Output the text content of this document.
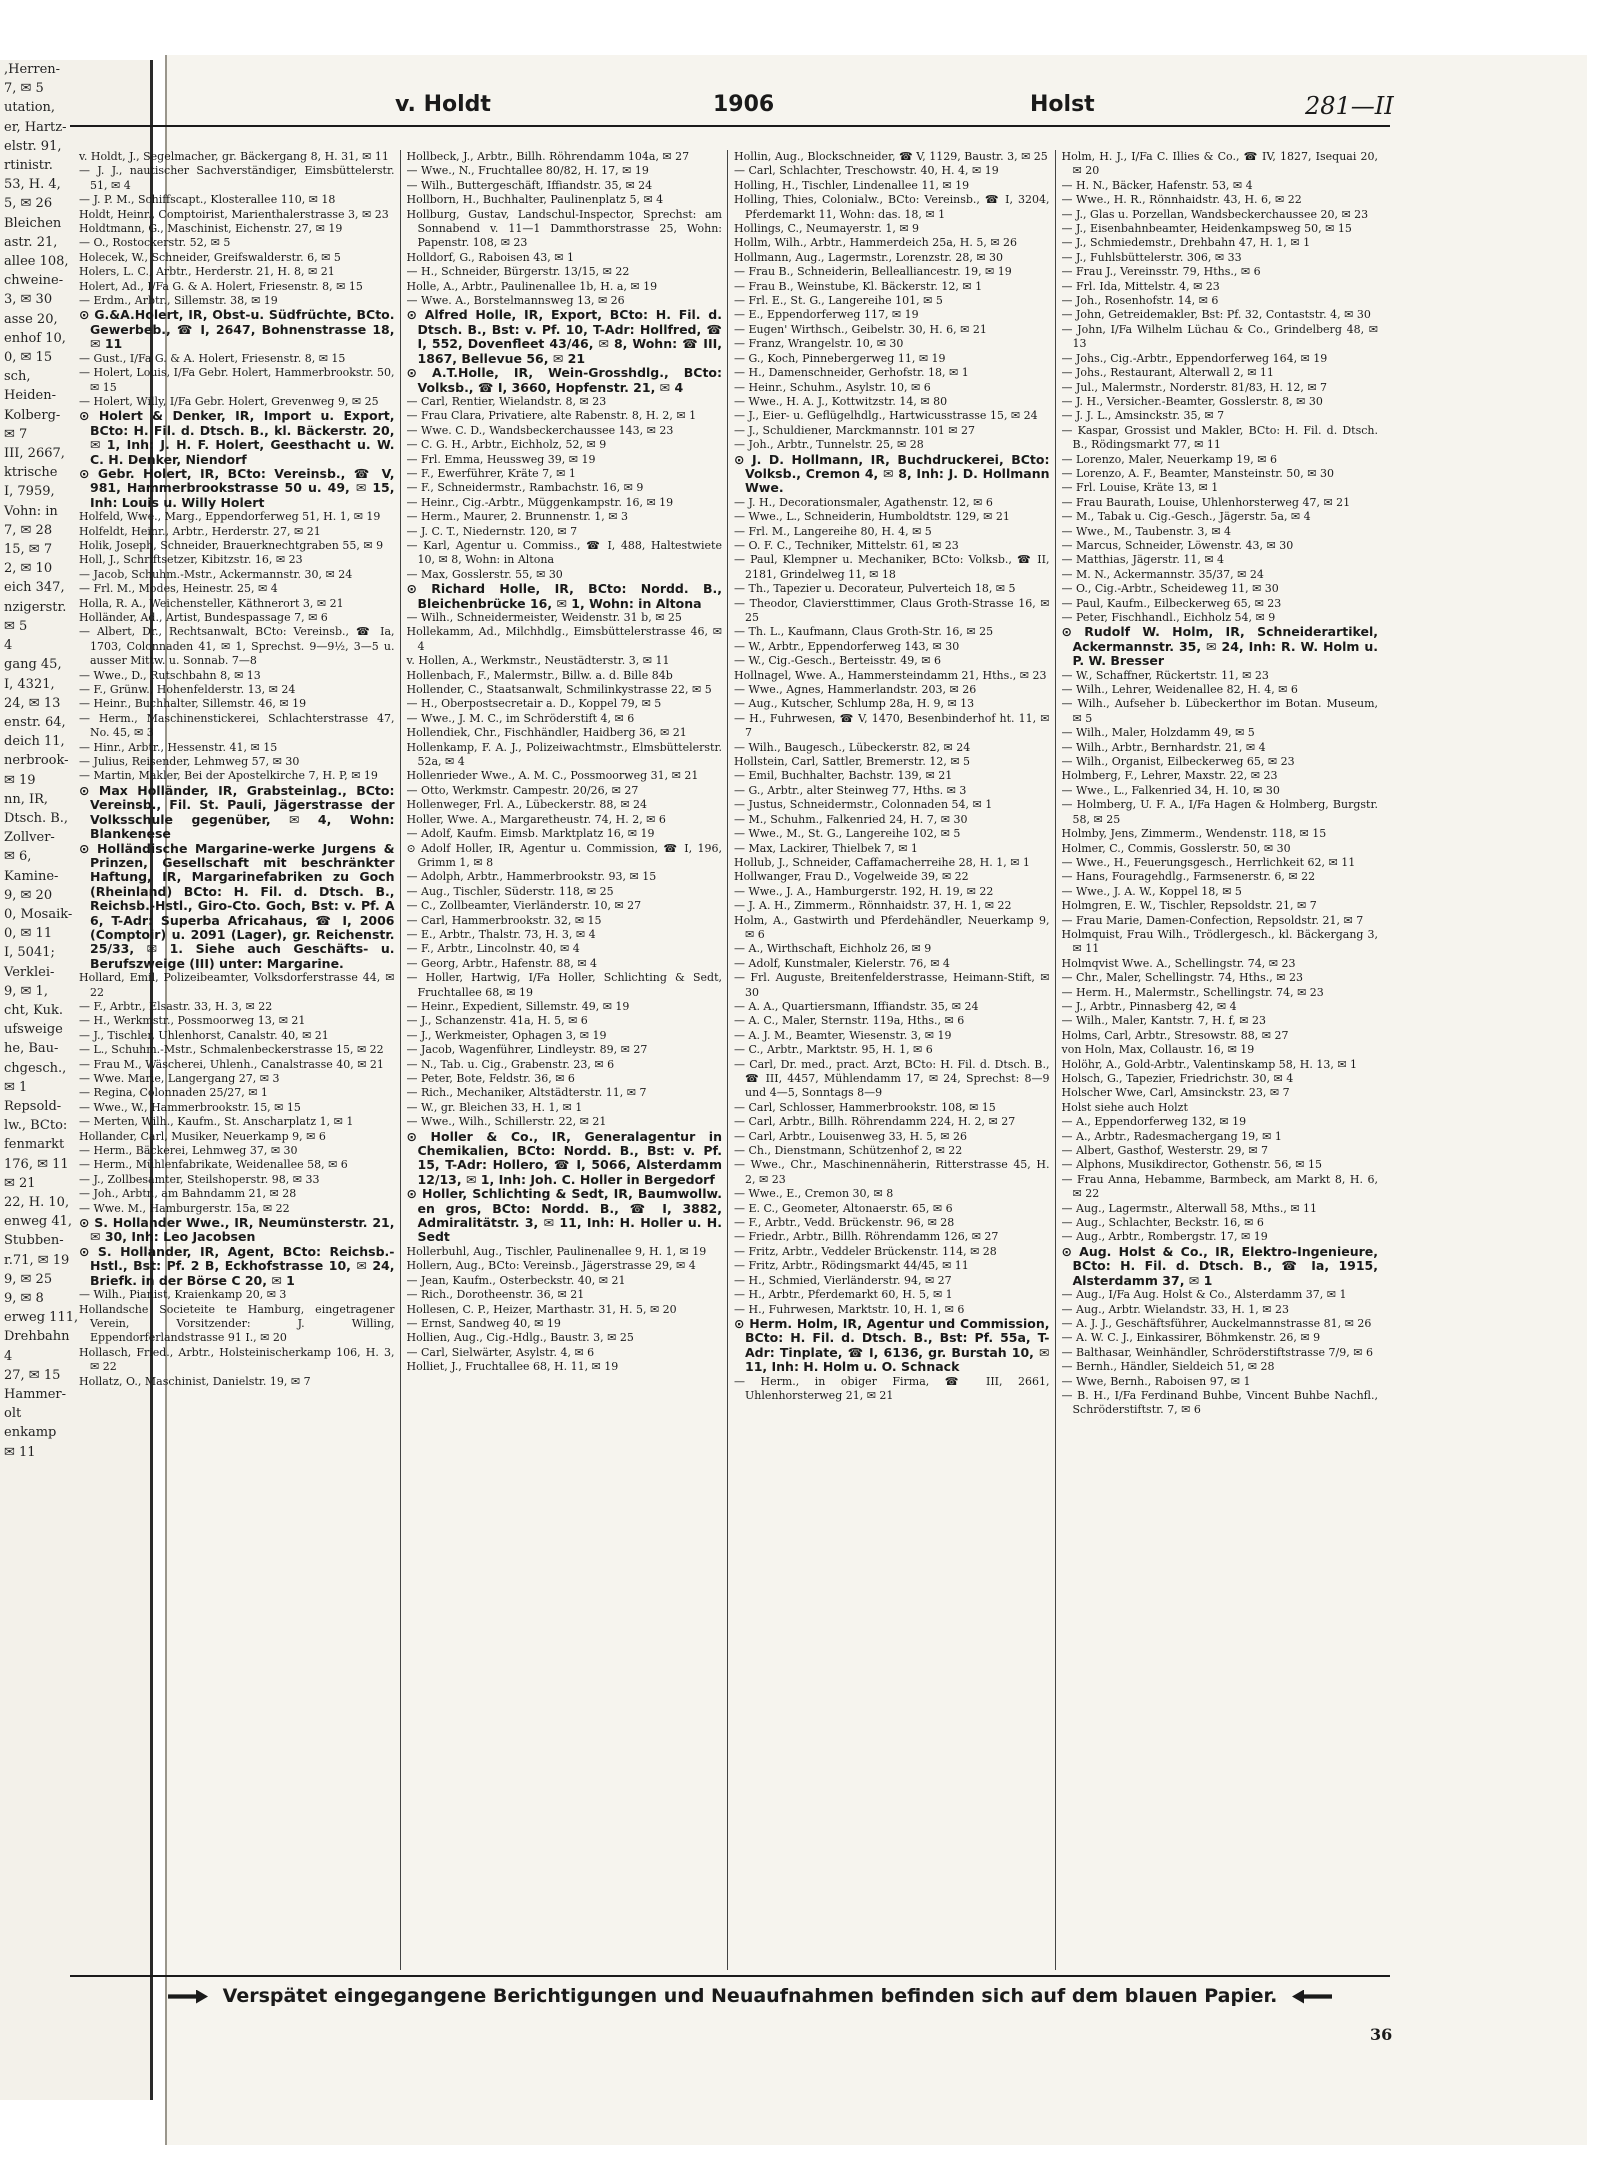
,Herren-
7, ✉ 5
utation,
er, Hartz-
elstr. 91,
rtinistr.
53, H. 4,
5, ✉ 26
Bleichen
astr. 21,
allee 108,
chweine-
3, ✉ 30
asse 20,
enhof 10,
0, ✉ 15
sch,
Heiden-
Kolberg-
✉ 7
III, 2667,
ktrische
I, 7959,
Vohn: in
7, ✉ 28
15, ✉ 7
2, ✉ 10
eich 347,
nzigerstr.
✉ 5
4
gang 45,
I, 4321,
24, ✉ 13
enstr. 64,
deich 11,
nerbrook-
✉ 19
nn, IR,
Dtsch. B.,
Zollver-
✉ 6,
Kamine-
9, ✉ 20
0, Mosaik-
0, ✉ 11
I, 5041;
Verklei-
9, ✉ 1,
cht, Kuk.
ufsweige
he, Bau-
chgesch.,
✉ 1
Repsold-
lw., BCto:
fenmarkt
176, ✉ 11
✉ 21
22, H. 10,
enweg 41,
Stubben-
r.71, ✉ 19
9, ✉ 25
9, ✉ 8
erweg 111,
Drehbahn
4
27, ✉ 15
Hammer-
olt
enkamp
✉ 11
v. Holdt	1906	Holst	281—II
v. Holdt, J., Segelmacher, gr. Bäckergang 8, H. 31, ✉ 11
— J. J., nautischer Sachverständiger, Eimsbüttelerstr. 51, ✉ 4
— J. P. M., Schiffscapt., Klosterallee 110, ✉ 18
Holdt, Heinr., Comptoirist, Marienthalerstrasse 3, ✉ 23
Holdtmann, G., Maschinist, Eichenstr. 27, ✉ 19
— O., Rostockerstr. 52, ✉ 5
Holecek, W., Schneider, Greifswalderstr. 6, ✉ 5
Holers, L. C., Arbtr., Herderstr. 21, H. 8, ✉ 21
Holert, Ad., I/Fa G. & A. Holert, Friesenstr. 8, ✉ 15
— Erdm., Arbtr., Sillemstr. 38, ✉ 19
⊙ G.&A.Holert, IR, Obst-u. Südfrüchte, BCto. Gewerbeb., ☎ I, 2647, Bohnenstrasse 18, ✉ 11
— Gust., I/Fa G. & A. Holert, Friesenstr. 8, ✉ 15
— Holert, Louis, I/Fa Gebr. Holert, Hammerbrookstr. 50, ✉ 15
— Holert, Willy, I/Fa Gebr. Holert, Grevenweg 9, ✉ 25
⊙ Holert & Denker, IR, Import u. Export, BCto: H. Fil. d. Dtsch. B., kl. Bäckerstr. 20, ✉ 1, Inh: J. H. F. Holert, Geesthacht u. W. C. H. Denker, Niendorf
⊙ Gebr. Holert, IR, BCto: Vereinsb., ☎ V, 981, Hammerbrookstrasse 50 u. 49, ✉ 15, Inh: Louis u. Willy Holert
Holfeld, Wwe., Marg., Eppendorferweg 51, H. 1, ✉ 19
Holfeldt, Heinr., Arbtr., Herderstr. 27, ✉ 21
Holik, Joseph, Schneider, Brauerknechtgraben 55, ✉ 9
Holl, J., Schriftsetzer, Kibitzstr. 16, ✉ 23
— Jacob, Schuhm.-Mstr., Ackermannstr. 30, ✉ 24
— Frl. M., Modes, Heinestr. 25, ✉ 4
Holla, R. A., Weichensteller, Käthnerort 3, ✉ 21
Holländer, Ad., Artist, Bundespassage 7, ✉ 6
— Albert, Dr., Rechtsanwalt, BCto: Vereinsb., ☎ Ia, 1703, Colonnaden 41, ✉ 1, Sprechst. 9—9½, 3—5 u. ausser Mittw. u. Sonnab. 7—8
— Wwe., D., Rutschbahn 8, ✉ 13
— F., Grünw., Hohenfelderstr. 13, ✉ 24
— Heinr., Buchhalter, Sillemstr. 46, ✉ 19
— Herm., Maschinenstickerei, Schlachterstrasse 47, No. 45, ✉ 3
— Hinr., Arbtr., Hessenstr. 41, ✉ 15
— Julius, Reisender, Lehmweg 57, ✉ 30
— Martin, Makler, Bei der Apostelkirche 7, H. P, ✉ 19
⊙ Max Holländer, IR, Grabsteinlag., BCto: Vereinsb., Fil. St. Pauli, Jägerstrasse der Volksschule gegenüber, ✉ 4, Wohn: Blankenese
⊙ Holländische Margarine-werke Jurgens & Prinzen, Gesellschaft mit beschränkter Haftung, IR, Margarinefabriken zu Goch (Rheinland) BCto: H. Fil. d. Dtsch. B., Reichsb.-Hstl., Giro-Cto. Goch, Bst: v. Pf. A 6, T-Adr: Superba Africahaus, ☎ I, 2006 (Comptoir) u. 2091 (Lager), gr. Reichenstr. 25/33, ✉ 1. Siehe auch Geschäfts- u. Berufszweige (III) unter: Margarine.
Hollard, Emil, Polizeibeamter, Volksdorferstrasse 44, ✉ 22
— F., Arbtr., Elsastr. 33, H. 3, ✉ 22
— H., Werkmstr., Possmoorweg 13, ✉ 21
— J., Tischler, Uhlenhorst, Canalstr. 40, ✉ 21
— L., Schuhm.-Mstr., Schmalenbeckerstrasse 15, ✉ 22
— Frau M., Wäscherei, Uhlenh., Canalstrasse 40, ✉ 21
— Wwe. Marie, Langergang 27, ✉ 3
— Regina, Colonnaden 25/27, ✉ 1
— Wwe., W., Hammerbrookstr. 15, ✉ 15
— Merten, Wilh., Kaufm., St. Anscharplatz 1, ✉ 1
Hollander, Carl, Musiker, Neuerkamp 9, ✉ 6
— Herm., Bäckerei, Lehmweg 37, ✉ 30
— Herm., Mühlenfabrikate, Weidenallee 58, ✉ 6
— J., Zollbesamter, Steilshoperstr. 98, ✉ 33
— Joh., Arbtr., am Bahndamm 21, ✉ 28
— Wwe. M., Hamburgerstr. 15a, ✉ 22
⊙ S. Hollander Wwe., IR, Neumünsterstr. 21, ✉ 30, Inh: Leo Jacobsen
⊙ S. Hollander, IR, Agent, BCto: Reichsb.-Hstl., Bst: Pf. 2 B, Eckhofstrasse 10, ✉ 24, Briefk. in der Börse C 20, ✉ 1
— Wilh., Pianist, Kraienkamp 20, ✉ 3
Hollandsche Societeite te Hamburg, eingetragener Verein, Vorsitzender: J. Willing, Eppendorferlandstrasse 91 I., ✉ 20
Hollasch, Fried., Arbtr., Holsteinischerkamp 106, H. 3, ✉ 22
Hollatz, O., Maschinist, Danielstr. 19, ✉ 7
Hollbeck, J., Arbtr., Billh. Röhrendamm 104a, ✉ 27
— Wwe., N., Fruchtallee 80/82, H. 17, ✉ 19
— Wilh., Buttergeschäft, Iffiandstr. 35, ✉ 24
Hollborn, H., Buchhalter, Paulinenplatz 5, ✉ 4
Hollburg, Gustav, Landschul-Inspector, Sprechst: am Sonnabend v. 11—1 Dammthorstrasse 25, Wohn: Papenstr. 108, ✉ 23
Holldorf, G., Raboisen 43, ✉ 1
— H., Schneider, Bürgerstr. 13/15, ✉ 22
Holle, A., Arbtr., Paulinenallee 1b, H. a, ✉ 19
— Wwe. A., Borstelmannsweg 13, ✉ 26
⊙ Alfred Holle, IR, Export, BCto: H. Fil. d. Dtsch. B., Bst: v. Pf. 10, T-Adr: Hollfred, ☎ I, 552, Dovenfleet 43/46, ✉ 8, Wohn: ☎ III, 1867, Bellevue 56, ✉ 21
⊙ A.T.Holle, IR, Wein-Grosshdlg., BCto: Volksb., ☎ I, 3660, Hopfenstr. 21, ✉ 4
— Carl, Rentier, Wielandstr. 8, ✉ 23
— Frau Clara, Privatiere, alte Rabenstr. 8, H. 2, ✉ 1
— Wwe. C. D., Wandsbeckerchaussee 143, ✉ 23
— C. G. H., Arbtr., Eichholz, 52, ✉ 9
— Frl. Emma, Heussweg 39, ✉ 19
— F., Ewerführer, Kräte 7, ✉ 1
— F., Schneidermstr., Rambachstr. 16, ✉ 9
— Heinr., Cig.-Arbtr., Müggenkampstr. 16, ✉ 19
— Herm., Maurer, 2. Brunnenstr. 1, ✉ 3
— J. C. T., Niedernstr. 120, ✉ 7
— Karl, Agentur u. Commiss., ☎ I, 488, Haltestwiete 10, ✉ 8, Wohn: in Altona
— Max, Gosslerstr. 55, ✉ 30
⊙ Richard Holle, IR, BCto: Nordd. B., Bleichenbrücke 16, ✉ 1, Wohn: in Altona
— Wilh., Schneidermeister, Weidenstr. 31 b, ✉ 25
Hollekamm, Ad., Milchhdlg., Eimsbüttelerstrasse 46, ✉ 4
v. Hollen, A., Werkmstr., Neustädterstr. 3, ✉ 11
Hollenbach, F., Malermstr., Billw. a. d. Bille 84b
Hollender, C., Staatsanwalt, Schmilinkystrasse 22, ✉ 5
— H., Oberpostsecretair a. D., Koppel 79, ✉ 5
— Wwe., J. M. C., im Schröderstift 4, ✉ 6
Hollendiek, Chr., Fischhändler, Haidberg 36, ✉ 21
Hollenkamp, F. A. J., Polizeiwachtmstr., Elmsbüttelerstr. 52a, ✉ 4
Hollenrieder Wwe., A. M. C., Possmoorweg 31, ✉ 21
— Otto, Werkmstr. Campestr. 20/26, ✉ 27
Hollenweger, Frl. A., Lübeckerstr. 88, ✉ 24
Holler, Wwe. A., Margaretheustr. 74, H. 2, ✉ 6
— Adolf, Kaufm. Eimsb. Marktplatz 16, ✉ 19
⊙ Adolf Holler, IR, Agentur u. Commission, ☎ I, 196, Grimm 1, ✉ 8
— Adolph, Arbtr., Hammerbrookstr. 93, ✉ 15
— Aug., Tischler, Süderstr. 118, ✉ 25
— C., Zollbeamter, Vierländerstr. 10, ✉ 27
— Carl, Hammerbrookstr. 32, ✉ 15
— E., Arbtr., Thalstr. 73, H. 3, ✉ 4
— F., Arbtr., Lincolnstr. 40, ✉ 4
— Georg, Arbtr., Hafenstr. 88, ✉ 4
— Holler, Hartwig, I/Fa Holler, Schlichting & Sedt, Fruchtallee 68, ✉ 19
— Heinr., Expedient, Sillemstr. 49, ✉ 19
— J., Schanzenstr. 41a, H. 5, ✉ 6
— J., Werkmeister, Ophagen 3, ✉ 19
— Jacob, Wagenführer, Lindleystr. 89, ✉ 27
— N., Tab. u. Cig., Grabenstr. 23, ✉ 6
— Peter, Bote, Feldstr. 36, ✉ 6
— Rich., Mechaniker, Altstädterstr. 11, ✉ 7
— W., gr. Bleichen 33, H. 1, ✉ 1
— Wwe., Wilh., Schillerstr. 22, ✉ 21
⊙ Holler & Co., IR, Generalagentur in Chemikalien, BCto: Nordd. B., Bst: v. Pf. 15, T-Adr: Hollero, ☎ I, 5066, Alsterdamm 12/13, ✉ 1, Inh: Joh. C. Holler in Bergedorf
⊙ Holler, Schlichting & Sedt, IR, Baumwollw. en gros, BCto: Nordd. B., ☎ I, 3882, Admiralitätstr. 3, ✉ 11, Inh: H. Holler u. H. Sedt
Hollerbuhl, Aug., Tischler, Paulinenallee 9, H. 1, ✉ 19
Hollern, Aug., BCto: Vereinsb., Jägerstrasse 29, ✉ 4
— Jean, Kaufm., Osterbeckstr. 40, ✉ 21
— Rich., Dorotheenstr. 36, ✉ 21
Hollesen, C. P., Heizer, Marthastr. 31, H. 5, ✉ 20
— Ernst, Sandweg 40, ✉ 19
Hollien, Aug., Cig.-Hdlg., Baustr. 3, ✉ 25
— Carl, Sielwärter, Asylstr. 4, ✉ 6
Holliet, J., Fruchtallee 68, H. 11, ✉ 19
Hollin, Aug., Blockschneider, ☎ V, 1129, Baustr. 3, ✉ 25
— Carl, Schlachter, Treschowstr. 40, H. 4, ✉ 19
Holling, H., Tischler, Lindenallee 11, ✉ 19
Holling, Thies, Colonialw., BCto: Vereinsb., ☎ I, 3204, Pferdemarkt 11, Wohn: das. 18, ✉ 1
Hollings, C., Neumayerstr. 1, ✉ 9
Hollm, Wilh., Arbtr., Hammerdeich 25a, H. 5, ✉ 26
Hollmann, Aug., Lagermstr., Lorenzstr. 28, ✉ 30
— Frau B., Schneiderin, Bellealliancestr. 19, ✉ 19
— Frau B., Weinstube, Kl. Bäckerstr. 12, ✉ 1
— Frl. E., St. G., Langereihe 101, ✉ 5
— E., Eppendorferweg 117, ✉ 19
— Eugen' Wirthsch., Geibelstr. 30, H. 6, ✉ 21
— Franz, Wrangelstr. 10, ✉ 30
— G., Koch, Pinnebergerweg 11, ✉ 19
— H., Damenschneider, Gerhofstr. 18, ✉ 1
— Heinr., Schuhm., Asylstr. 10, ✉ 6
— Wwe., H. A. J., Kottwitzstr. 14, ✉ 80
— J., Eier- u. Geflügelhdlg., Hartwicusstrasse 15, ✉ 24
— J., Schuldiener, Marckmannstr. 101 ✉ 27
— Joh., Arbtr., Tunnelstr. 25, ✉ 28
⊙ J. D. Hollmann, IR, Buchdruckerei, BCto: Volksb., Cremon 4, ✉ 8, Inh: J. D. Hollmann Wwe.
— J. H., Decorationsmaler, Agathenstr. 12, ✉ 6
— Wwe., L., Schneiderin, Humboldtstr. 129, ✉ 21
— Frl. M., Langereihe 80, H. 4, ✉ 5
— O. F. C., Techniker, Mittelstr. 61, ✉ 23
— Paul, Klempner u. Mechaniker, BCto: Volksb., ☎ II, 2181, Grindelweg 11, ✉ 18
— Th., Tapezier u. Decorateur, Pulverteich 18, ✉ 5
— Theodor, Claviersttimmer, Claus Groth-Strasse 16, ✉ 25
— Th. L., Kaufmann, Claus Groth-Str. 16, ✉ 25
— W., Arbtr., Eppendorferweg 143, ✉ 30
— W., Cig.-Gesch., Berteisstr. 49, ✉ 6
Hollnagel, Wwe. A., Hammersteindamm 21, Hths., ✉ 23
— Wwe., Agnes, Hammerlandstr. 203, ✉ 26
— Aug., Kutscher, Schlump 28a, H. 9, ✉ 13
— H., Fuhrwesen, ☎ V, 1470, Besenbinderhof ht. 11, ✉ 7
— Wilh., Baugesch., Lübeckerstr. 82, ✉ 24
Hollstein, Carl, Sattler, Bremerstr. 12, ✉ 5
— Emil, Buchhalter, Bachstr. 139, ✉ 21
— G., Arbtr., alter Steinweg 77, Hths. ✉ 3
— Justus, Schneidermstr., Colonnaden 54, ✉ 1
— M., Schuhm., Falkenried 24, H. 7, ✉ 30
— Wwe., M., St. G., Langereihe 102, ✉ 5
— Max, Lackirer, Thielbek 7, ✉ 1
Hollub, J., Schneider, Caffamacherreihe 28, H. 1, ✉ 1
Hollwanger, Frau D., Vogelweide 39, ✉ 22
— Wwe., J. A., Hamburgerstr. 192, H. 19, ✉ 22
— J. A. H., Zimmerm., Rönnhaidstr. 37, H. 1, ✉ 22
Holm, A., Gastwirth und Pferdehändler, Neuerkamp 9, ✉ 6
— A., Wirthschaft, Eichholz 26, ✉ 9
— Adolf, Kunstmaler, Kielerstr. 76, ✉ 4
— Frl. Auguste, Breitenfelderstrasse, Heimann-Stift, ✉ 30
— A. A., Quartiersmann, Iffiandstr. 35, ✉ 24
— A. C., Maler, Sternstr. 119a, Hths., ✉ 6
— A. J. M., Beamter, Wiesenstr. 3, ✉ 19
— C., Arbtr., Marktstr. 95, H. 1, ✉ 6
— Carl, Dr. med., pract. Arzt, BCto: H. Fil. d. Dtsch. B., ☎ III, 4457, Mühlendamm 17, ✉ 24, Sprechst: 8—9 und 4—5, Sonntags 8—9
— Carl, Schlosser, Hammerbrookstr. 108, ✉ 15
— Carl, Arbtr., Billh. Röhrendamm 224, H. 2, ✉ 27
— Carl, Arbtr., Louisenweg 33, H. 5, ✉ 26
— Ch., Dienstmann, Schützenhof 2, ✉ 22
— Wwe., Chr., Maschinennäherin, Ritterstrasse 45, H. 2, ✉ 23
— Wwe., E., Cremon 30, ✉ 8
— E. C., Geometer, Altonaerstr. 65, ✉ 6
— F., Arbtr., Vedd. Brückenstr. 96, ✉ 28
— Friedr., Arbtr., Billh. Röhrendamm 126, ✉ 27
— Fritz, Arbtr., Veddeler Brückenstr. 114, ✉ 28
— Fritz, Arbtr., Rödingsmarkt 44/45, ✉ 11
— H., Schmied, Vierländerstr. 94, ✉ 27
— H., Arbtr., Pferdemarkt 60, H. 5, ✉ 1
— H., Fuhrwesen, Marktstr. 10, H. 1, ✉ 6
⊙ Herm. Holm, IR, Agentur und Commission, BCto: H. Fil. d. Dtsch. B., Bst: Pf. 55a, T-Adr: Tinplate, ☎ I, 6136, gr. Burstah 10, ✉ 11, Inh: H. Holm u. O. Schnack
— Herm., in obiger Firma, ☎ III, 2661, Uhlenhorsterweg 21, ✉ 21
Holm, H. J., I/Fa C. Illies & Co., ☎ IV, 1827, Isequai 20, ✉ 20
— H. N., Bäcker, Hafenstr. 53, ✉ 4
— Wwe., H. R., Rönnhaidstr. 43, H. 6, ✉ 22
— J., Glas u. Porzellan, Wandsbeckerchaussee 20, ✉ 23
— J., Eisenbahnbeamter, Heidenkampsweg 50, ✉ 15
— J., Schmiedemstr., Drehbahn 47, H. 1, ✉ 1
— J., Fuhlsbüttelerstr. 306, ✉ 33
— Frau J., Vereinsstr. 79, Hths., ✉ 6
— Frl. Ida, Mittelstr. 4, ✉ 23
— Joh., Rosenhofstr. 14, ✉ 6
— John, Getreidemakler, Bst: Pf. 32, Contaststr. 4, ✉ 30
— John, I/Fa Wilhelm Lüchau & Co., Grindelberg 48, ✉ 13
— Johs., Cig.-Arbtr., Eppendorferweg 164, ✉ 19
— Johs., Restaurant, Alterwall 2, ✉ 11
— Jul., Malermstr., Norderstr. 81/83, H. 12, ✉ 7
— J. H., Versicher.-Beamter, Gosslerstr. 8, ✉ 30
— J. J. L., Amsinckstr. 35, ✉ 7
— Kaspar, Grossist und Makler, BCto: H. Fil. d. Dtsch. B., Rödingsmarkt 77, ✉ 11
— Lorenzo, Maler, Neuerkamp 19, ✉ 6
— Lorenzo, A. F., Beamter, Mansteinstr. 50, ✉ 30
— Frl. Louise, Kräte 13, ✉ 1
— Frau Baurath, Louise, Uhlenhorsterweg 47, ✉ 21
— M., Tabak u. Cig.-Gesch., Jägerstr. 5a, ✉ 4
— Wwe., M., Taubenstr. 3, ✉ 4
— Marcus, Schneider, Löwenstr. 43, ✉ 30
— Matthias, Jägerstr. 11, ✉ 4
— M. N., Ackermannstr. 35/37, ✉ 24
— O., Cig.-Arbtr., Scheideweg 11, ✉ 30
— Paul, Kaufm., Eilbeckerweg 65, ✉ 23
— Peter, Fischhandl., Eichholz 54, ✉ 9
⊙ Rudolf W. Holm, IR, Schneiderartikel, Ackermannstr. 35, ✉ 24, Inh: R. W. Holm u. P. W. Bresser
— W., Schaffner, Rückertstr. 11, ✉ 23
— Wilh., Lehrer, Weidenallee 82, H. 4, ✉ 6
— Wilh., Aufseher b. Lübeckerthor im Botan. Museum, ✉ 5
— Wilh., Maler, Holzdamm 49, ✉ 5
— Wilh., Arbtr., Bernhardstr. 21, ✉ 4
— Wilh., Organist, Eilbeckerweg 65, ✉ 23
Holmberg, F., Lehrer, Maxstr. 22, ✉ 23
— Wwe., L., Falkenried 34, H. 10, ✉ 30
— Holmberg, U. F. A., I/Fa Hagen & Holmberg, Burgstr. 58, ✉ 25
Holmby, Jens, Zimmerm., Wendenstr. 118, ✉ 15
Holmer, C., Commis, Gosslerstr. 50, ✉ 30
— Wwe., H., Feuerungsgesch., Herrlichkeit 62, ✉ 11
— Hans, Fouragehdlg., Farmsenerstr. 6, ✉ 22
— Wwe., J. A. W., Koppel 18, ✉ 5
Holmgren, E. W., Tischler, Repsoldstr. 21, ✉ 7
— Frau Marie, Damen-Confection, Repsoldstr. 21, ✉ 7
Holmquist, Frau Wilh., Trödlergesch., kl. Bäckergang 3, ✉ 11
Holmqvist Wwe. A., Schellingstr. 74, ✉ 23
— Chr., Maler, Schellingstr. 74, Hths., ✉ 23
— Herm. H., Malermstr., Schellingstr. 74, ✉ 23
— J., Arbtr., Pinnasberg 42, ✉ 4
— Wilh., Maler, Kantstr. 7, H. f, ✉ 23
Holms, Carl, Arbtr., Stresowstr. 88, ✉ 27
von Holn, Max, Collaustr. 16, ✉ 19
Holöhr, A., Gold-Arbtr., Valentinskamp 58, H. 13, ✉ 1
Holsch, G., Tapezier, Friedrichstr. 30, ✉ 4
Holscher Wwe, Carl, Amsinckstr. 23, ✉ 7
Holst siehe auch Holzt
— A., Eppendorferweg 132, ✉ 19
— A., Arbtr., Radesmachergang 19, ✉ 1
— Albert, Gasthof, Westerstr. 29, ✉ 7
— Alphons, Musikdirector, Gothenstr. 56, ✉ 15
— Frau Anna, Hebamme, Barmbeck, am Markt 8, H. 6, ✉ 22
— Aug., Lagermstr., Alterwall 58, Mths., ✉ 11
— Aug., Schlachter, Beckstr. 16, ✉ 6
— Aug., Arbtr., Rombergstr. 17, ✉ 19
⊙ Aug. Holst & Co., IR, Elektro-Ingenieure, BCto: H. Fil. d. Dtsch. B., ☎ Ia, 1915, Alsterdamm 37, ✉ 1
— Aug., I/Fa Aug. Holst & Co., Alsterdamm 37, ✉ 1
— Aug., Arbtr. Wielandstr. 33, H. 1, ✉ 23
— A. J. J., Geschäftsführer, Auckelmannstrasse 81, ✉ 26
— A. W. C. J., Einkassirer, Böhmkenstr. 26, ✉ 9
— Balthasar, Weinhändler, Schröderstiftstrasse 7/9, ✉ 6
— Bernh., Händler, Sieldeich 51, ✉ 28
— Wwe, Bernh., Raboisen 97, ✉ 1
— B. H., I/Fa Ferdinand Buhbe, Vincent Buhbe Nachfl., Schröderstiftstr. 7, ✉ 6
Verspätet eingegangene Berichtigungen und Neuaufnahmen befinden sich auf dem blauen Papier.
36
